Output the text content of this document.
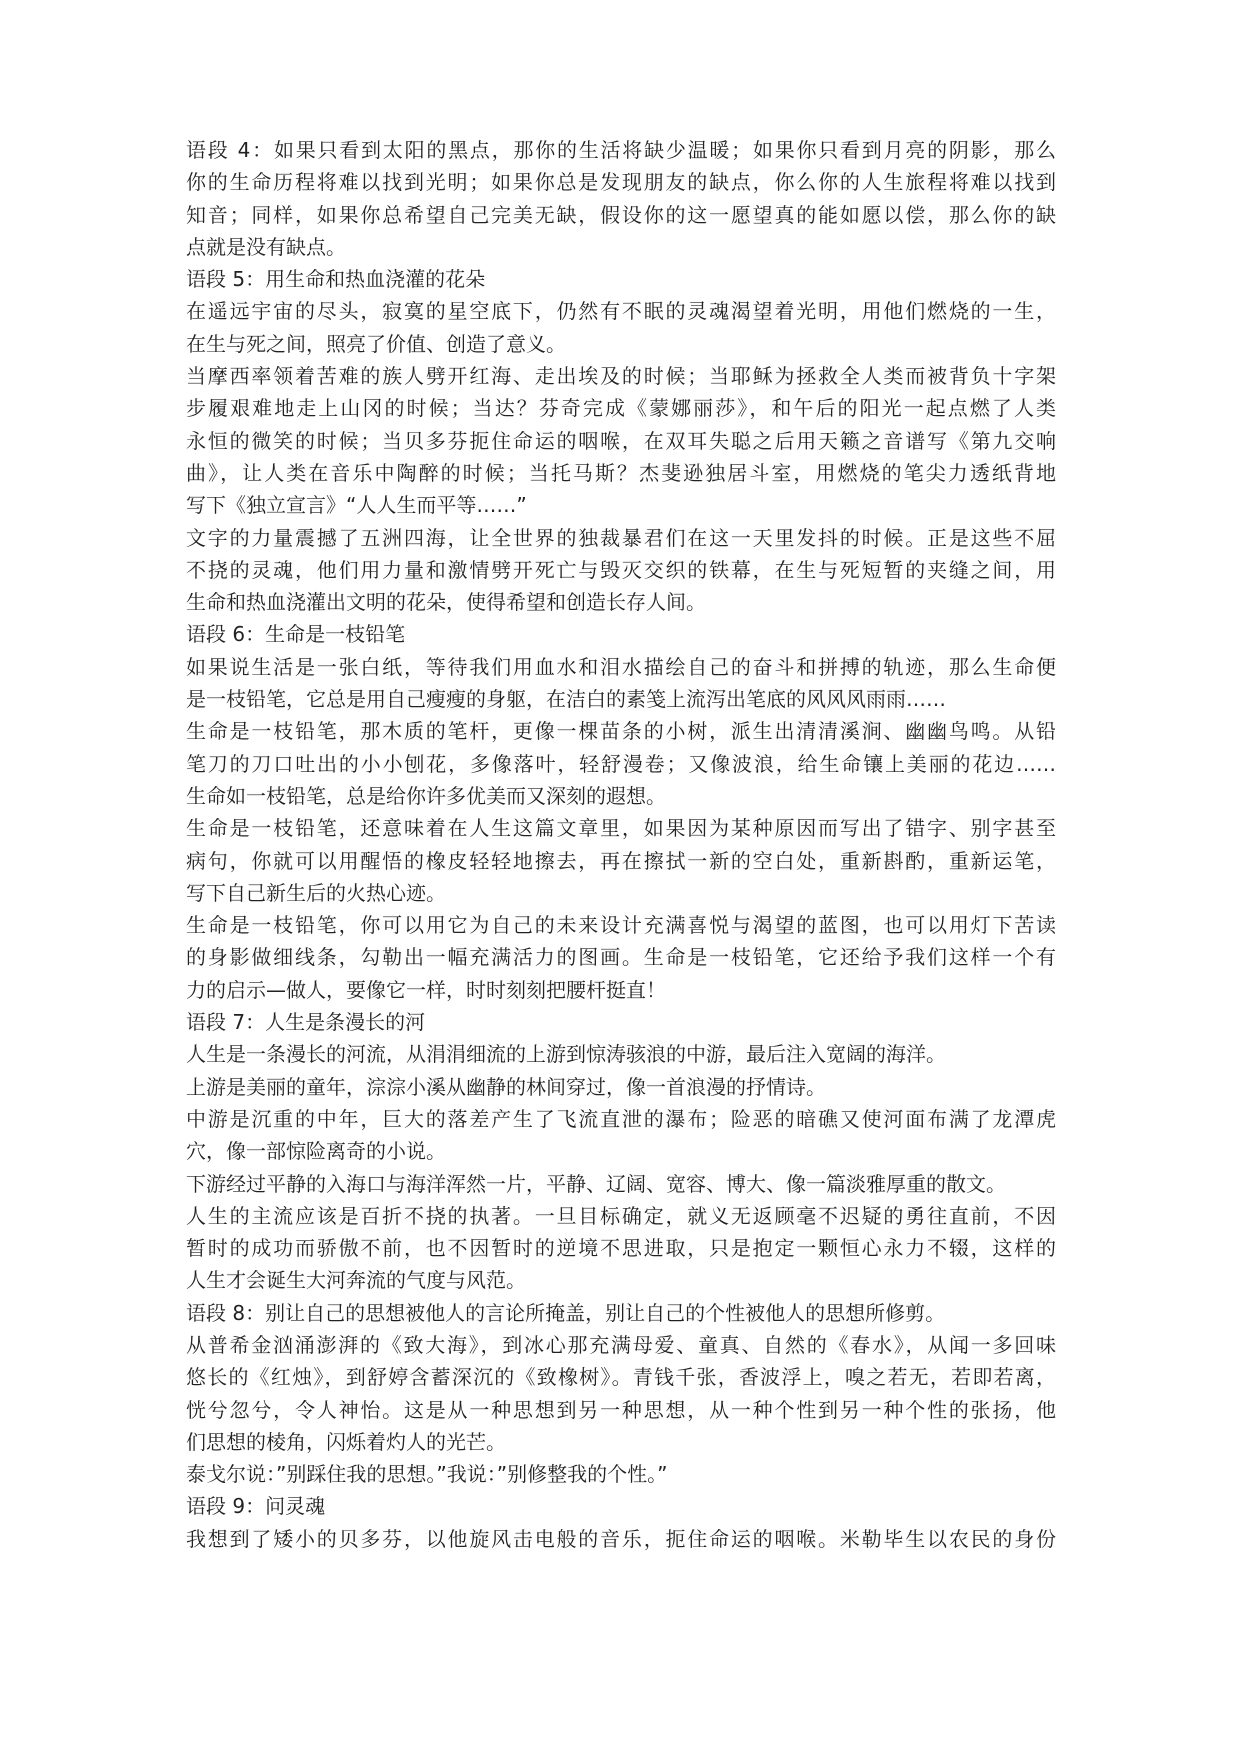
语段 4：如果只看到太阳的黑点，那你的生活将缺少温暖；如果你只看到月亮的阴影，那么
你的生命历程将难以找到光明；如果你总是发现朋友的缺点，你么你的人生旅程将难以找到
知音；同样，如果你总希望自己完美无缺，假设你的这一愿望真的能如愿以偿，那么你的缺
点就是没有缺点。
语段 5：用生命和热血浇灌的花朵
在遥远宇宙的尽头，寂寞的星空底下，仍然有不眠的灵魂渴望着光明，用他们燃烧的一生，
在生与死之间，照亮了价值、创造了意义。
当摩西率领着苦难的族人劈开红海、走出埃及的时候；当耶稣为拯救全人类而被背负十字架
步履艰难地走上山冈的时候；当达？芬奇完成《蒙娜丽莎》，和午后的阳光一起点燃了人类
永恒的微笑的时候；当贝多芬扼住命运的咽喉，在双耳失聪之后用天籁之音谱写《第九交响
曲》，让人类在音乐中陶醉的时候；当托马斯？杰斐逊独居斗室，用燃烧的笔尖力透纸背地
写下《独立宣言》“人人生而平等……”
文字的力量震撼了五洲四海，让全世界的独裁暴君们在这一天里发抖的时候。正是这些不屈
不挠的灵魂，他们用力量和激情劈开死亡与毁灭交织的铁幕，在生与死短暂的夹缝之间，用
生命和热血浇灌出文明的花朵，使得希望和创造长存人间。
语段 6：生命是一枝铅笔
如果说生活是一张白纸，等待我们用血水和泪水描绘自己的奋斗和拼搏的轨迹，那么生命便
是一枝铅笔，它总是用自己瘦瘦的身躯，在洁白的素笺上流泻出笔底的风风风雨雨……
生命是一枝铅笔，那木质的笔杆，更像一棵苗条的小树，派生出清清溪涧、幽幽鸟鸣。从铅
笔刀的刀口吐出的小小刨花，多像落叶，轻舒漫卷；又像波浪，给生命镶上美丽的花边……
生命如一枝铅笔，总是给你许多优美而又深刻的遐想。
生命是一枝铅笔，还意味着在人生这篇文章里，如果因为某种原因而写出了错字、别字甚至
病句，你就可以用醒悟的橡皮轻轻地擦去，再在擦拭一新的空白处，重新斟酌，重新运笔，
写下自己新生后的火热心迹。
生命是一枝铅笔，你可以用它为自己的未来设计充满喜悦与渴望的蓝图，也可以用灯下苦读
的身影做细线条，勾勒出一幅充满活力的图画。生命是一枝铅笔，它还给予我们这样一个有
力的启示—做人，要像它一样，时时刻刻把腰杆挺直！
语段 7：人生是条漫长的河
人生是一条漫长的河流，从涓涓细流的上游到惊涛骇浪的中游，最后注入宽阔的海洋。
上游是美丽的童年，淙淙小溪从幽静的林间穿过，像一首浪漫的抒情诗。
中游是沉重的中年，巨大的落差产生了飞流直泄的瀑布；险恶的暗礁又使河面布满了龙潭虎
穴，像一部惊险离奇的小说。
下游经过平静的入海口与海洋浑然一片，平静、辽阔、宽容、博大、像一篇淡雅厚重的散文。
人生的主流应该是百折不挠的执著。一旦目标确定，就义无返顾毫不迟疑的勇往直前，不因
暂时的成功而骄傲不前，也不因暂时的逆境不思进取，只是抱定一颗恒心永力不辍，这样的
人生才会诞生大河奔流的气度与风范。
语段 8：别让自己的思想被他人的言论所掩盖，别让自己的个性被他人的思想所修剪。
从普希金汹涌澎湃的《致大海》，到冰心那充满母爱、童真、自然的《春水》，从闻一多回味
悠长的《红烛》，到舒婷含蓄深沉的《致橡树》。青钱千张，香波浮上，嗅之若无，若即若离，
恍兮忽兮，令人神怡。这是从一种思想到另一种思想，从一种个性到另一种个性的张扬，他
们思想的棱角，闪烁着灼人的光芒。
泰戈尔说：”别踩住我的思想。”我说：”别修整我的个性。”
语段 9：问灵魂
我想到了矮小的贝多芬，以他旋风击电般的音乐，扼住命运的咽喉。米勒毕生以农民的身份
